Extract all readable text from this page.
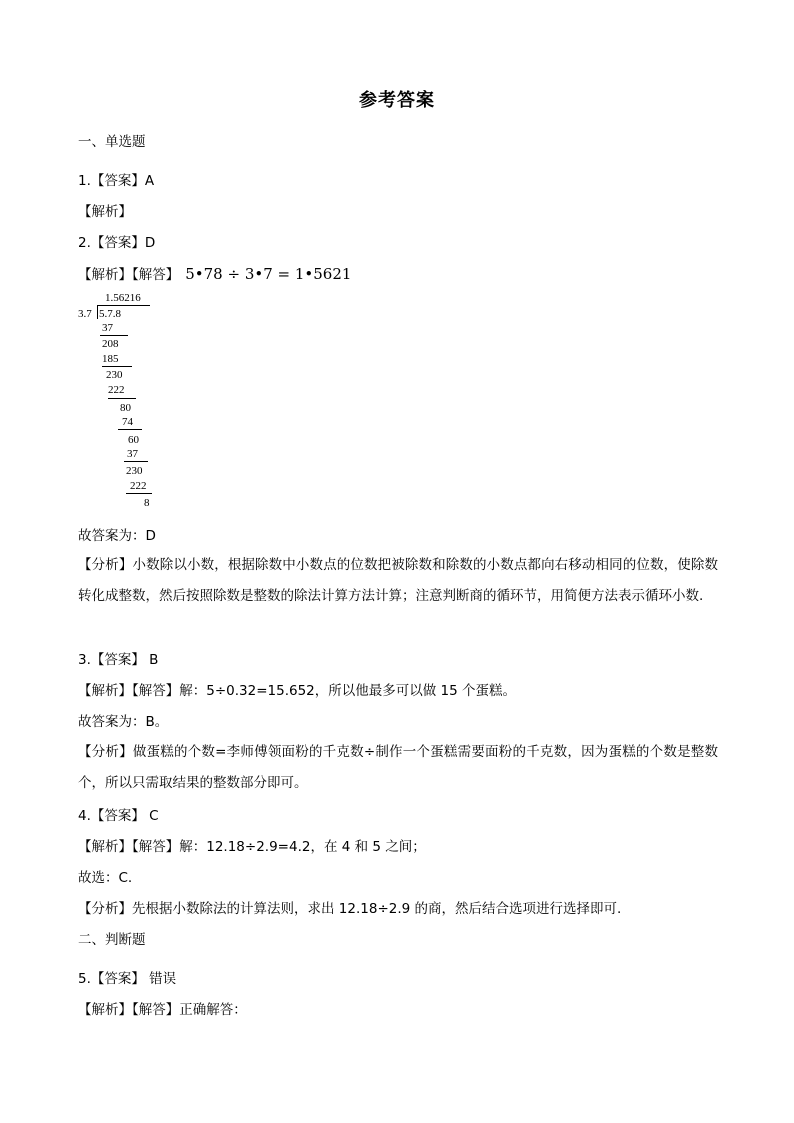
参考答案
一、单选题
1.【答案】A
【解析】
2.【答案】D
【解析】【解答】 5•78 ÷ 3•7 = 1•5621
1.56216
3.7 5.7.8
37
208
185
230
222
80
74
60
37
230
222
8
故答案为：D
【分析】小数除以小数，根据除数中小数点的位数把被除数和除数的小数点都向右移动相同的位数，使除数转化成整数，然后按照除数是整数的除法计算方法计算；注意判断商的循环节，用简便方法表示循环小数.
3.【答案】 B
【解析】【解答】解：5÷0.32=15.652，所以他最多可以做 15 个蛋糕。
故答案为：B。
【分析】做蛋糕的个数=李师傅领面粉的千克数÷制作一个蛋糕需要面粉的千克数，因为蛋糕的个数是整数个，所以只需取结果的整数部分即可。
4.【答案】 C
【解析】【解答】解：12.18÷2.9=4.2，在 4 和 5 之间；
故选：C.
【分析】先根据小数除法的计算法则，求出 12.18÷2.9 的商，然后结合选项进行选择即可.
二、判断题
5.【答案】 错误
【解析】【解答】正确解答：
